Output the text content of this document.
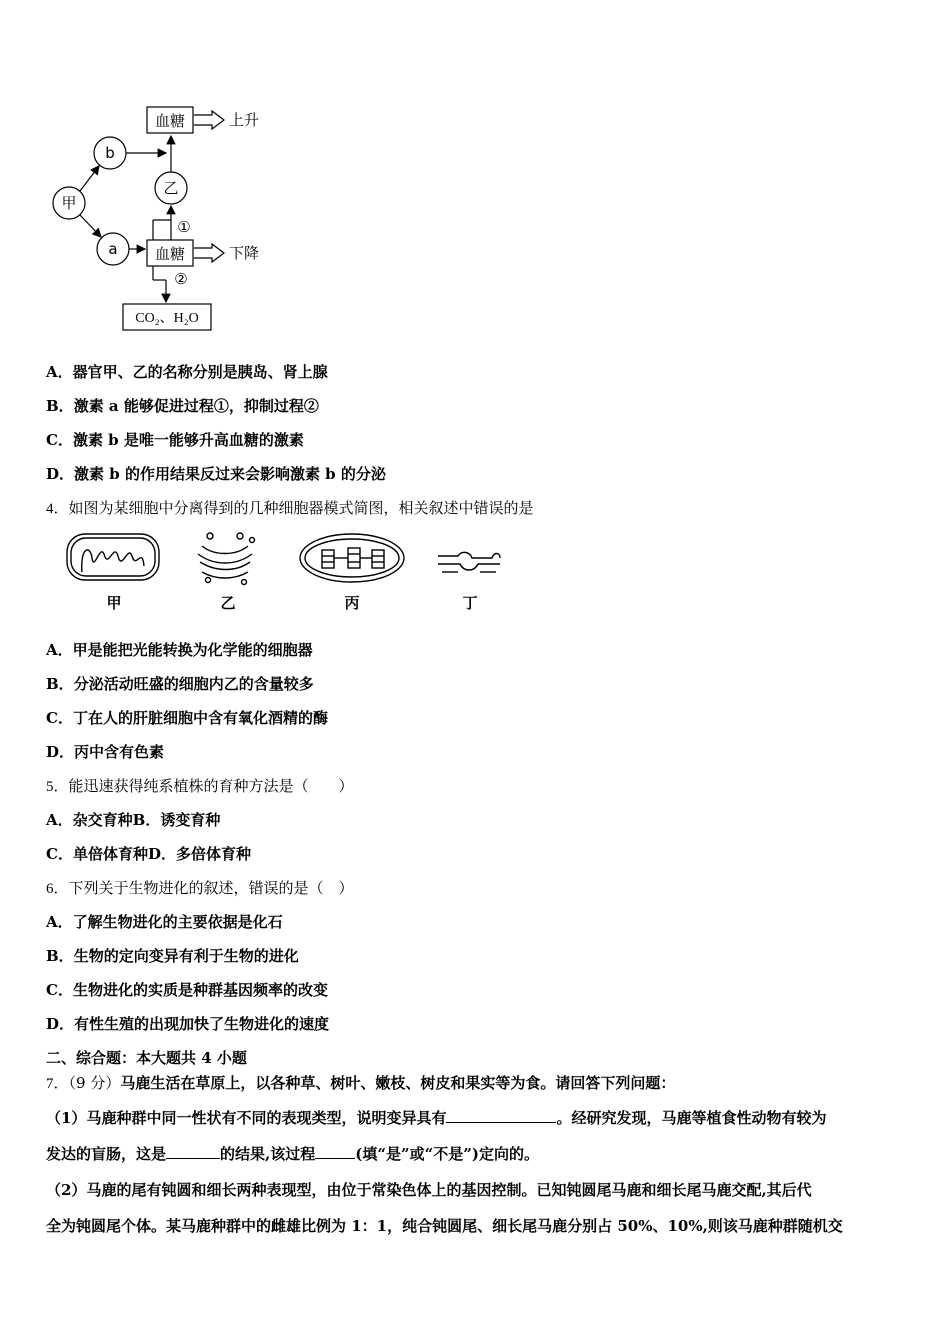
甲
b
a
乙
血糖
血糖
上升
下降
①
②
CO₂、H₂O
A．器官甲、乙的名称分别是胰岛、肾上腺
B．激素 a 能够促进过程①，抑制过程②
C．激素 b 是唯一能够升高血糖的激素
D．激素 b 的作用结果反过来会影响激素 b 的分泌
4．如图为某细胞中分离得到的几种细胞器模式简图，相关叙述中错误的是
甲	乙	丙	丁
A．甲是能把光能转换为化学能的细胞器
B．分泌活动旺盛的细胞内乙的含量较多
C．丁在人的肝脏细胞中含有氧化酒精的酶
D．丙中含有色素
5．能迅速获得纯系植株的育种方法是（　　）
A．杂交育种B．诱变育种
C．单倍体育种D．多倍体育种
6．下列关于生物进化的叙述，错误的是（　）
A．了解生物进化的主要依据是化石
B．生物的定向变异有利于生物的进化
C．生物进化的实质是种群基因频率的改变
D．有性生殖的出现加快了生物进化的速度
二、综合题：本大题共 4 小题
7．（9 分）马鹿生活在草原上，以各种草、树叶、嫩枝、树皮和果实等为食。请回答下列问题：
（1）马鹿种群中同一性状有不同的表现类型，说明变异具有	。经研究发现，马鹿等植食性动物有较为
发达的盲肠，这是	的结果,该过程	(填“是”或“不是”)定向的。
（2）马鹿的尾有钝圆和细长两种表现型，由位于常染色体上的基因控制。已知钝圆尾马鹿和细长尾马鹿交配,其后代
全为钝圆尾个体。某马鹿种群中的雌雄比例为 1：1，纯合钝圆尾、细长尾马鹿分别占 50%、10%,则该马鹿种群随机交
